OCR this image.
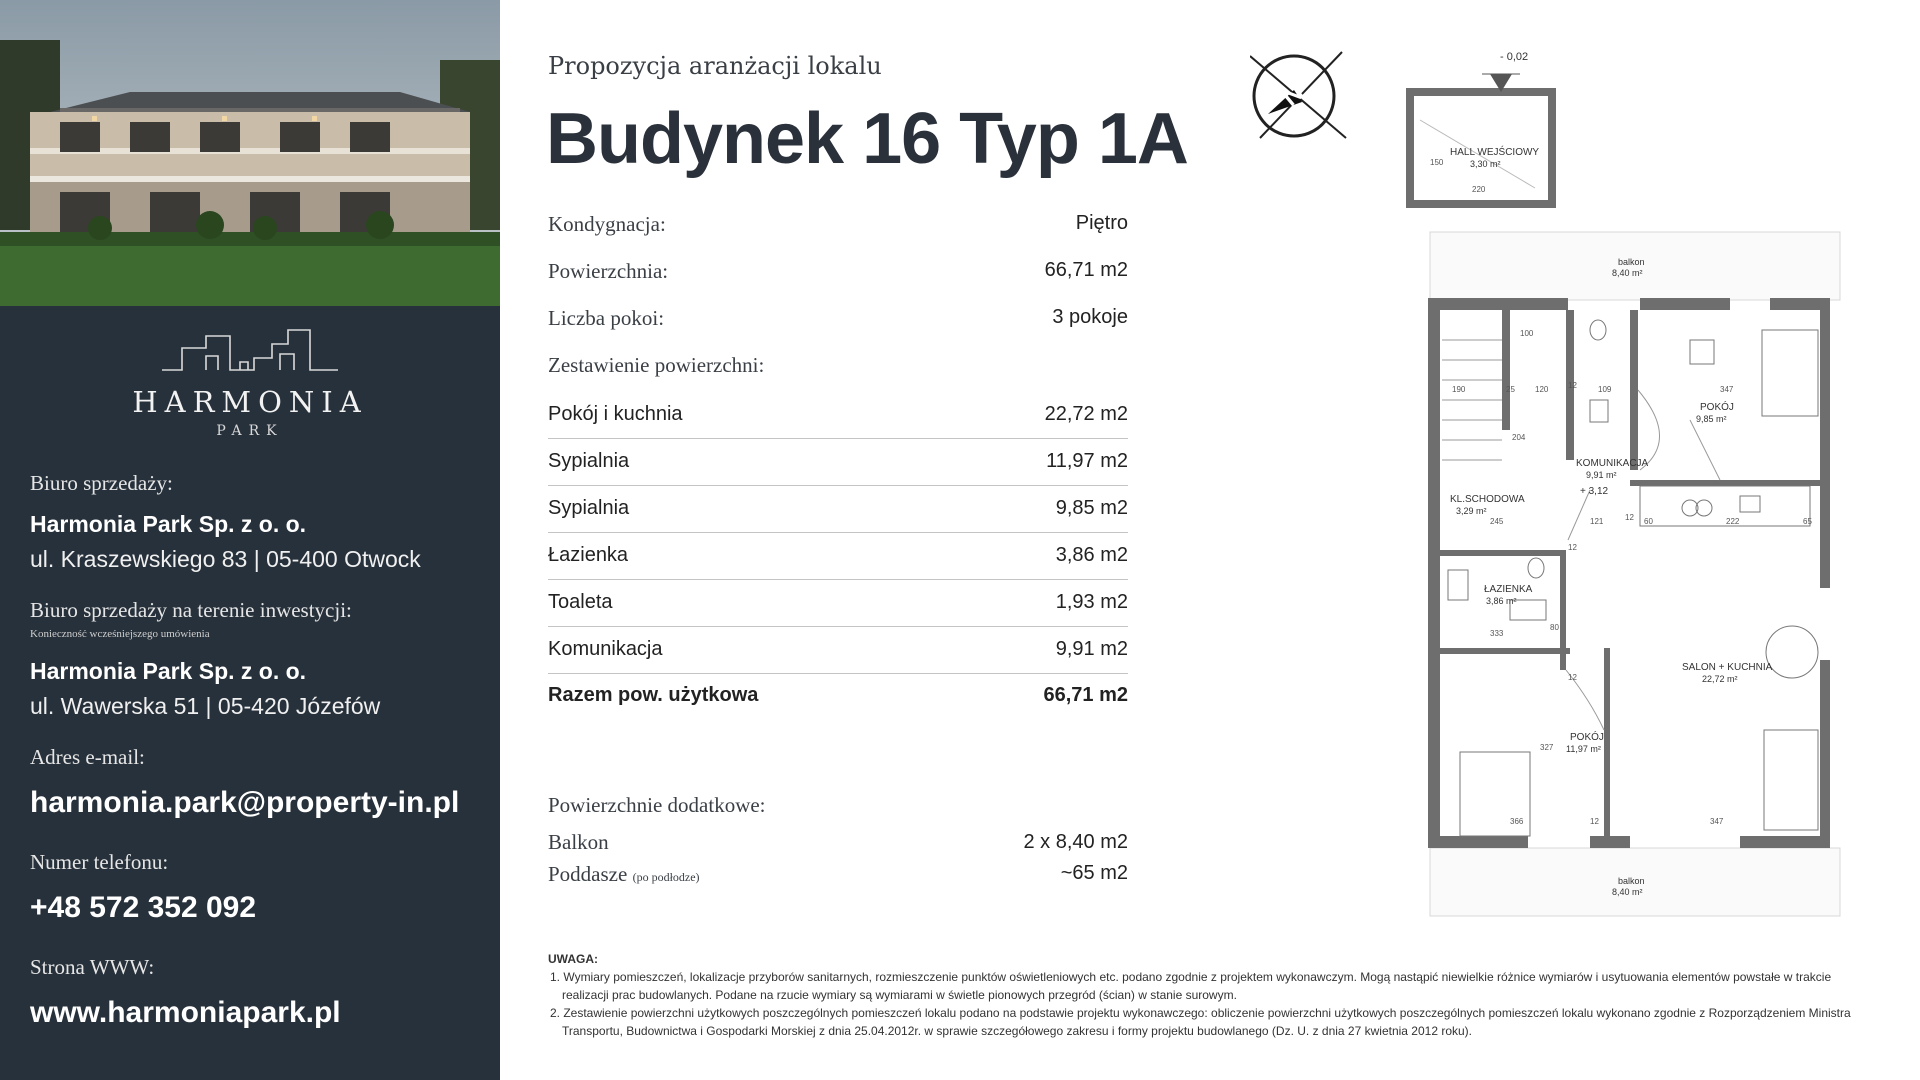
HARMONIA
PARK
Biuro sprzedaży:
Harmonia Park Sp. z o. o.
ul. Kraszewskiego 83 | 05-400 Otwock
Biuro sprzedaży na terenie inwestycji:
Konieczność wcześniejszego umówienia
Harmonia Park Sp. z o. o.
ul. Wawerska 51 | 05-420 Józefów
Adres e-mail:
harmonia.park@property-in.pl
Numer telefonu:
+48 572 352 092
Strona WWW:
www.harmoniapark.pl
Propozycja aranżacji lokalu
Budynek 16 Typ 1A
Kondygnacja:	Piętro
Powierzchnia:	66,71 m2
Liczba pokoi:	3 pokoje
Zestawienie powierzchni:
Pokój i kuchnia	22,72 m2
Sypialnia	11,97 m2
Sypialnia	9,85 m2
Łazienka	3,86 m2
Toaleta	1,93 m2
Komunikacja	9,91 m2
Razem pow. użytkowa	66,71 m2
Powierzchnie dodatkowe:
Balkon	2 x 8,40 m2
Poddasze (po podłodze)	~65 m2
UWAGA:
1. Wymiary pomieszczeń, lokalizacje przyborów sanitarnych, rozmieszczenie punktów oświetleniowych etc. podano zgodnie z projektem wykonawczym. Mogą nastąpić niewielkie różnice wymiarów i usytuowania elementów powstałe w trakcie realizacji prac budowlanych. Podane na rzucie wymiary są wymiarami w świetle pionowych przegród (ścian) w stanie surowym.
2. Zestawienie powierzchni użytkowych poszczególnych pomieszczeń lokalu podano na podstawie projektu wykonawczego: obliczenie powierzchni użytkowych poszczególnych pomieszczeń lokalu wykonano zgodnie z Rozporządzeniem Ministra Transportu, Budownictwa i Gospodarki Morskiej z dnia 25.04.2012r. w sprawie szczegółowego zakresu i formy projektu budowlanego (Dz. U. z dnia 27 kwietnia 2012 roku).
N
- 0,02
HALL WEJŚCIOWY
3,30 m²
220
150
balkon
8,40 m²
balkon
8,40 m²
POKÓJ
9,85 m²
KOMUNIKACJA
9,91 m²
+ 3,12
KL.SCHODOWA
3,29 m²
ŁAZIENKA
3,86 m²
SALON + KUCHNIA
22,72 m²
POKÓJ
11,97 m²
100
190	25	120 12	109	347
204
245	121	12 60	222	65
12
333
327
366	12	347
12
80
